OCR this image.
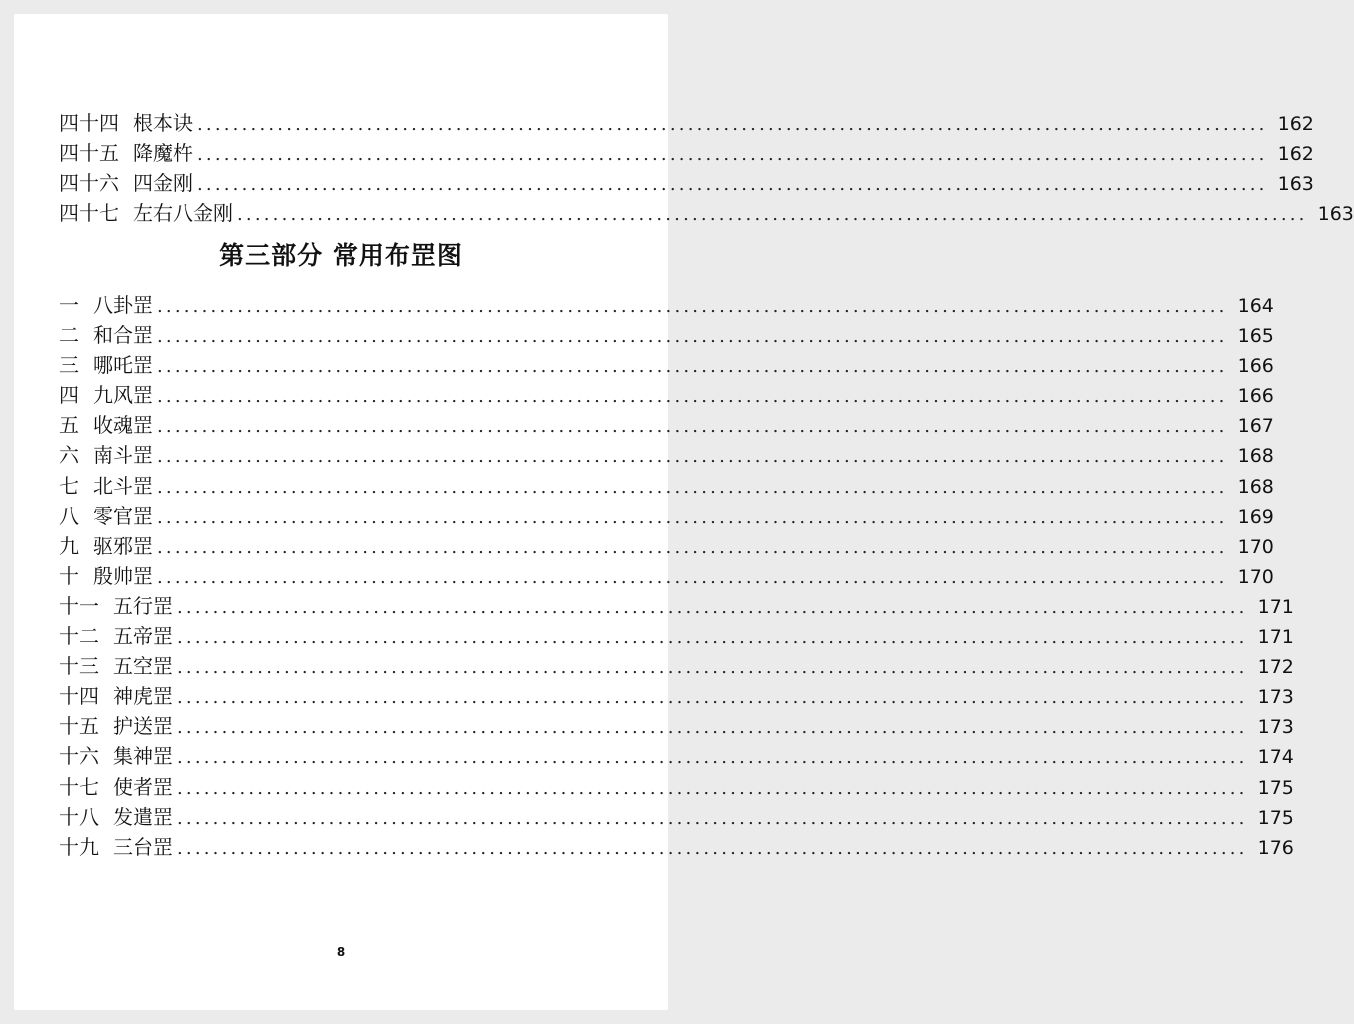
四十四 根本诀 ........................................................................................................................ 162
四十五 降魔杵 ........................................................................................................................ 162
四十六 四金刚 ........................................................................................................................ 163
四十七 左右八金刚 ........................................................................................................................ 163
第三部分 常用布罡图
一 八卦罡 ........................................................................................................................ 164
二 和合罡 ........................................................................................................................ 165
三 哪吒罡 ........................................................................................................................ 166
四 九风罡 ........................................................................................................................ 166
五 收魂罡 ........................................................................................................................ 167
六 南斗罡 ........................................................................................................................ 168
七 北斗罡 ........................................................................................................................ 168
八 零官罡 ........................................................................................................................ 169
九 驱邪罡 ........................................................................................................................ 170
十 殷帅罡 ........................................................................................................................ 170
十一 五行罡 ........................................................................................................................ 171
十二 五帝罡 ........................................................................................................................ 171
十三 五空罡 ........................................................................................................................ 172
十四 神虎罡 ........................................................................................................................ 173
十五 护送罡 ........................................................................................................................ 173
十六 集神罡 ........................................................................................................................ 174
十七 使者罡 ........................................................................................................................ 175
十八 发遣罡 ........................................................................................................................ 175
十九 三台罡 ........................................................................................................................ 176
8
